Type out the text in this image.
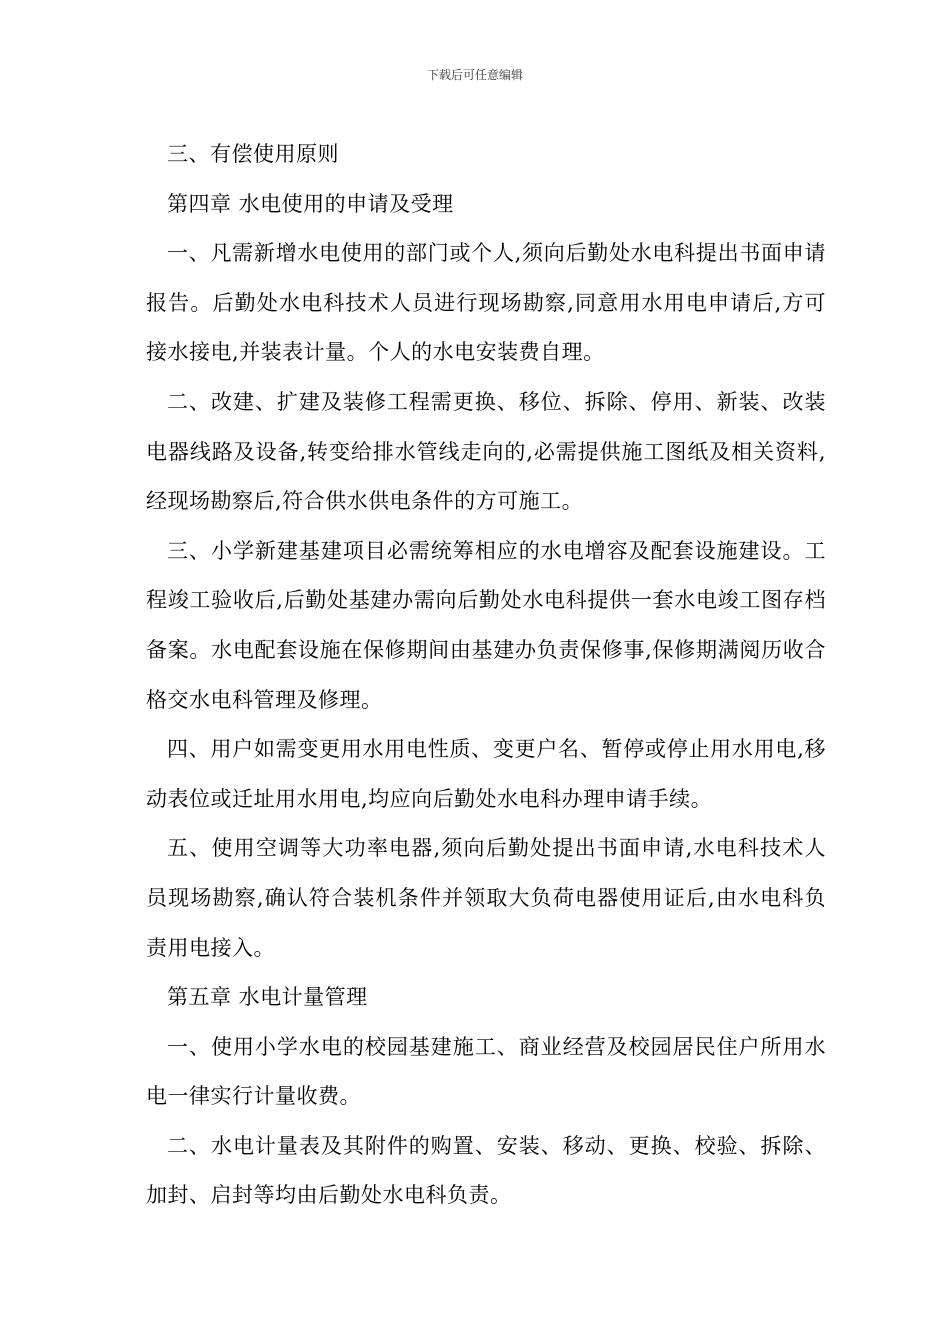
下载后可任意编辑

三、有偿使用原则

第四章 水电使用的申请及受理

一、凡需新增水电使用的部门或个人,须向后勤处水电科提出书面申请报告。后勤处水电科技术人员进行现场勘察,同意用水用电申请后,方可接水接电,并装表计量。个人的水电安装费自理。

二、改建、扩建及装修工程需更换、移位、拆除、停用、新装、改装电器线路及设备,转变给排水管线走向的,必需提供施工图纸及相关资料,经现场勘察后,符合供水供电条件的方可施工。

三、小学新建基建项目必需统筹相应的水电增容及配套设施建设。工程竣工验收后,后勤处基建办需向后勤处水电科提供一套水电竣工图存档备案。水电配套设施在保修期间由基建办负责保修事,保修期满阅历收合格交水电科管理及修理。

四、用户如需变更用水用电性质、变更户名、暂停或停止用水用电,移动表位或迁址用水用电,均应向后勤处水电科办理申请手续。

五、使用空调等大功率电器,须向后勤处提出书面申请,水电科技术人员现场勘察,确认符合装机条件并领取大负荷电器使用证后,由水电科负责用电接入。

第五章 水电计量管理

一、使用小学水电的校园基建施工、商业经营及校园居民住户所用水电一律实行计量收费。

二、水电计量表及其附件的购置、安装、移动、更换、校验、拆除、加封、启封等均由后勤处水电科负责。
